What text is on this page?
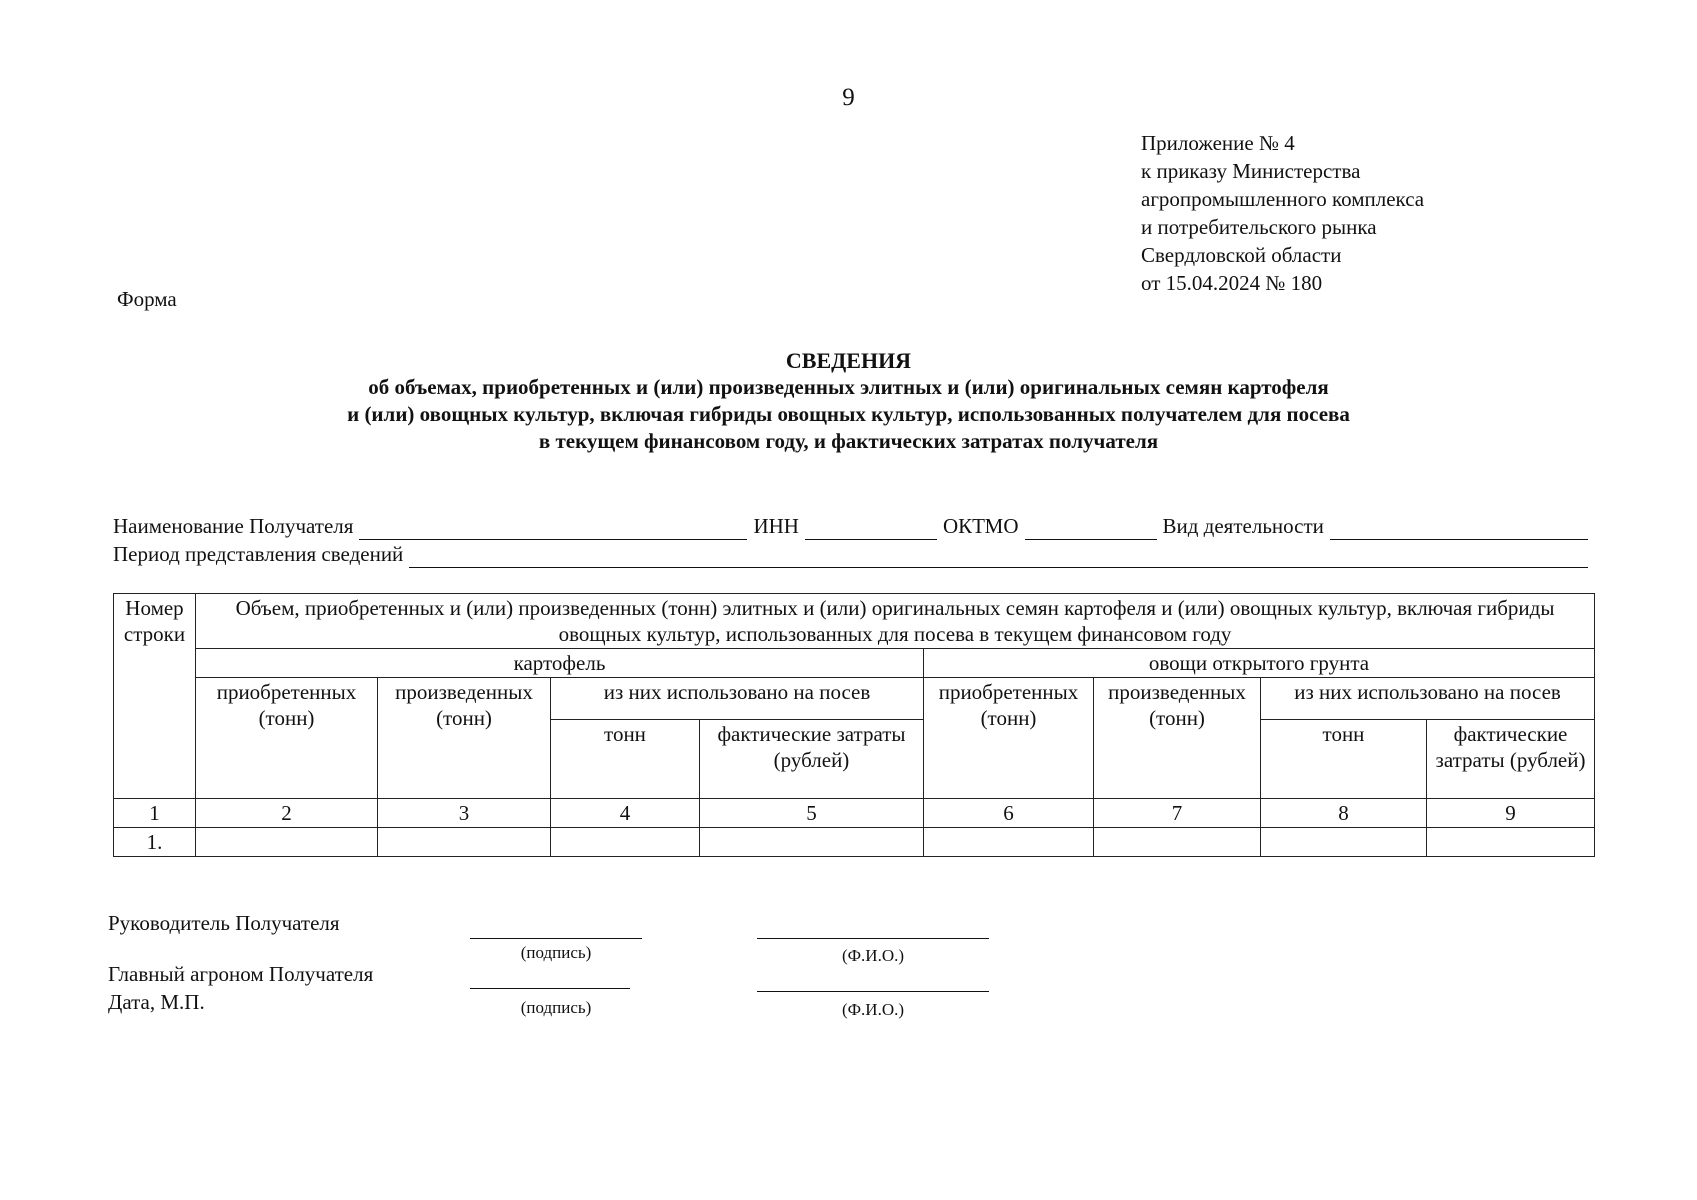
9
Приложение № 4
к приказу Министерства
агропромышленного комплекса
и потребительского рынка
Свердловской области
от 15.04.2024 № 180
Форма
СВЕДЕНИЯ
об объемах, приобретенных и (или) произведенных элитных и (или) оригинальных семян картофеля
и (или) овощных культур, включая гибриды овощных культур, использованных получателем для посева
в текущем финансовом году, и фактических затратах получателя
Наименование Получателя	ИНН	ОКТМО	Вид деятельности
Период представления сведений
Номер строки	Объем, приобретенных и (или) произведенных (тонн) элитных и (или) оригинальных семян картофеля и (или) овощных культур, включая гибриды овощных культур, использованных для посева в текущем финансовом году							
	картофель				овощи открытого грунта			
	приобретенных (тонн)	произведенных (тонн)	из них использовано на посев		приобретенных (тонн)	произведенных (тонн)	из них использовано на посев	
			тонн	фактические затраты (рублей)			тонн	фактические затраты (рублей)
1	2	3	4	5	6	7	8	9
1.								
Руководитель Получателя
(подпись)	(Ф.И.О.)
Главный агроном Получателя
Дата, М.П.	(подпись)	(Ф.И.О.)
